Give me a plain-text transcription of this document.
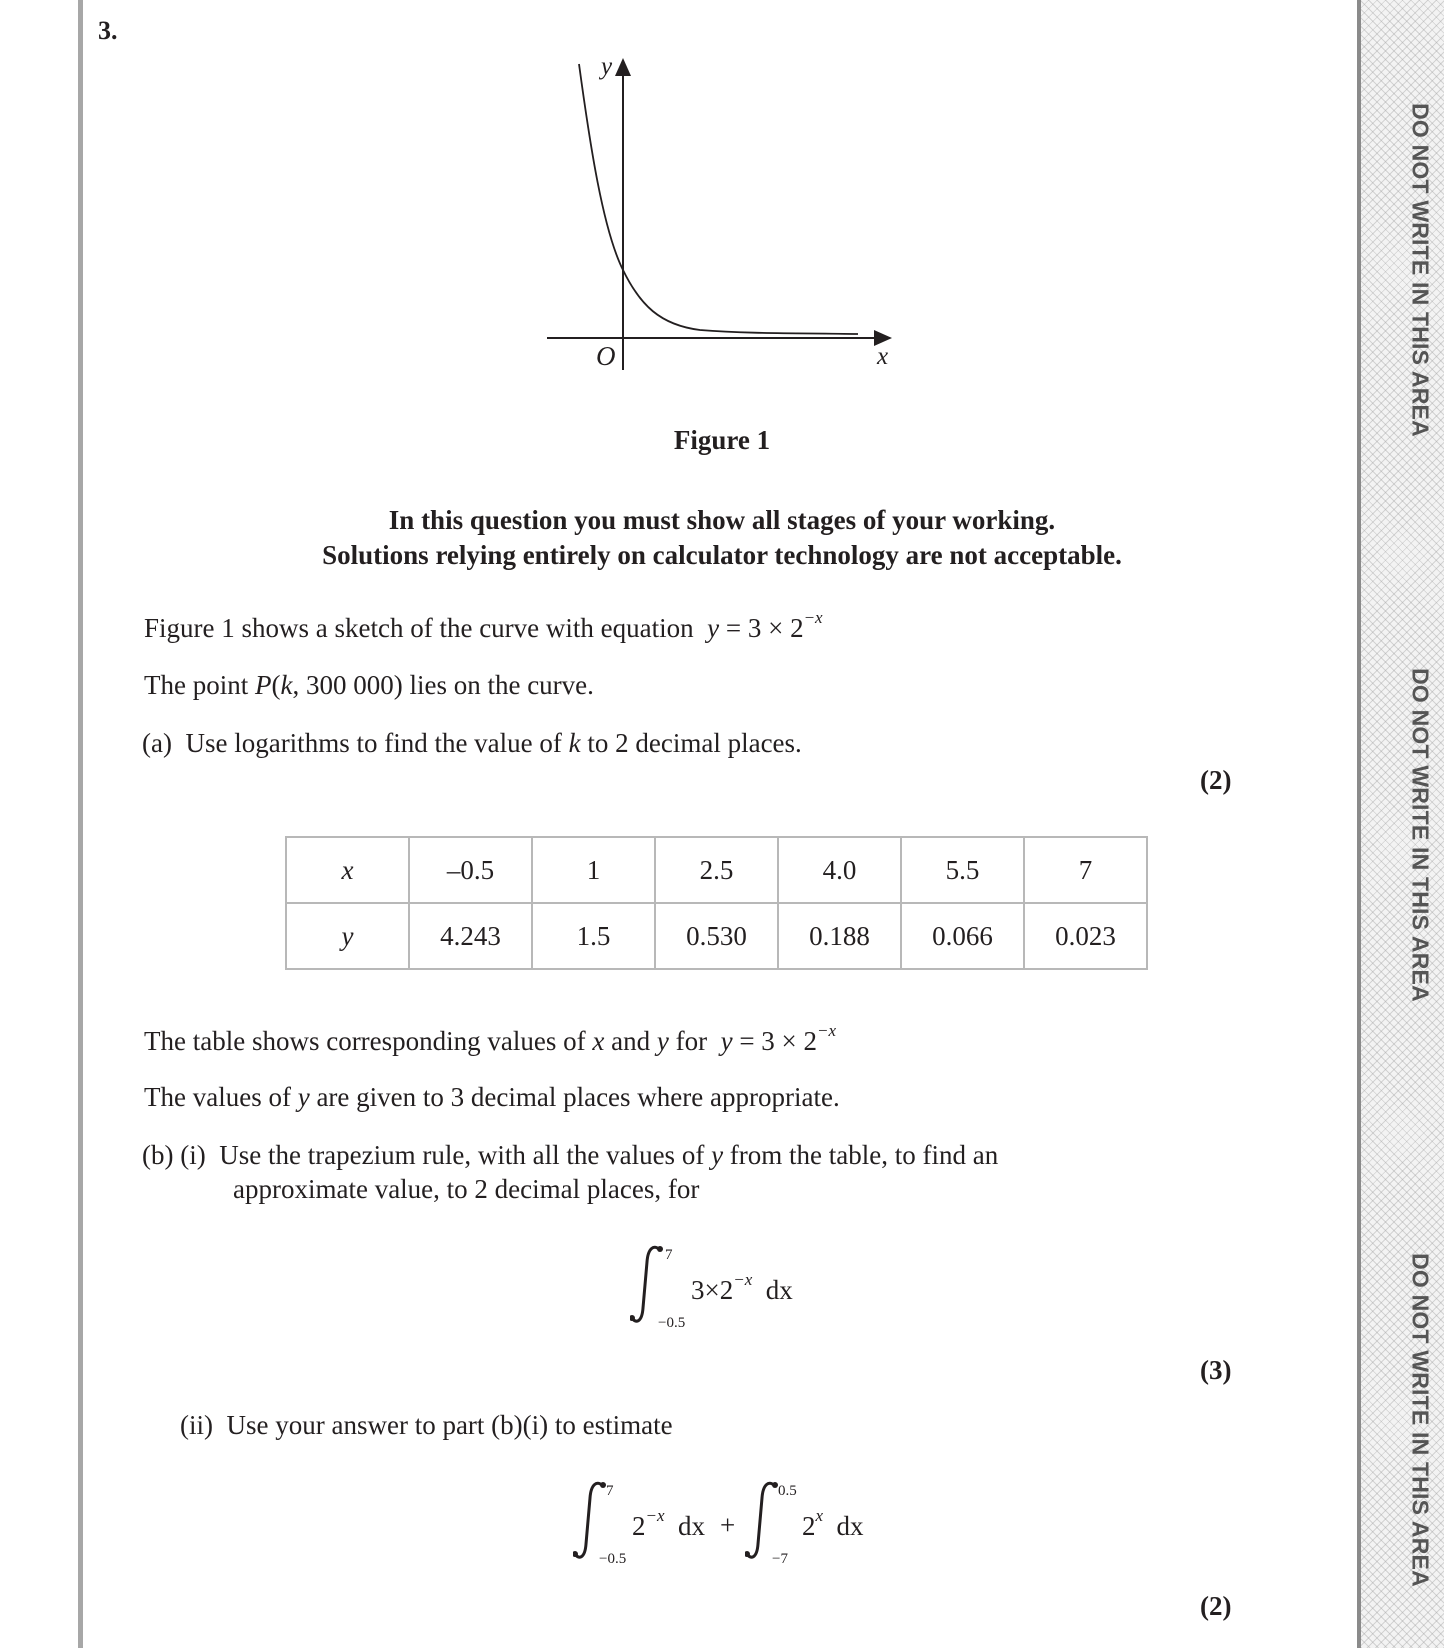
DO NOT WRITE IN THIS AREA
DO NOT WRITE IN THIS AREA
DO NOT WRITE IN THIS AREA
3.
y
x
O
Figure 1
In this question you must show all stages of your working.
Solutions relying entirely on calculator technology are not acceptable.
Figure 1 shows a sketch of the curve with equation $y = 3 \times 2^{-x}$
The point P(k, 300 000) lies on the curve.
(a) Use logarithms to find the value of k to 2 decimal places.
(2)
x	–0.5	1	2.5	4.0	5.5	7
y	4.243	1.5	0.530	0.188	0.066	0.023
The table shows corresponding values of x and y for $y = 3 \times 2^{-x}$
The values of y are given to 3 decimal places where appropriate.
(b) (i) Use the trapezium rule, with all the values of y from the table, to find an
approximate value, to 2 decimal places, for
7
−0.5
$3\times 2^{-x}$ dx
(3)
(ii) Use your answer to part (b)(i) to estimate
7
−0.5
$2^{-x}$ dx +
0.5
−7
2$^x$ dx
(2)
